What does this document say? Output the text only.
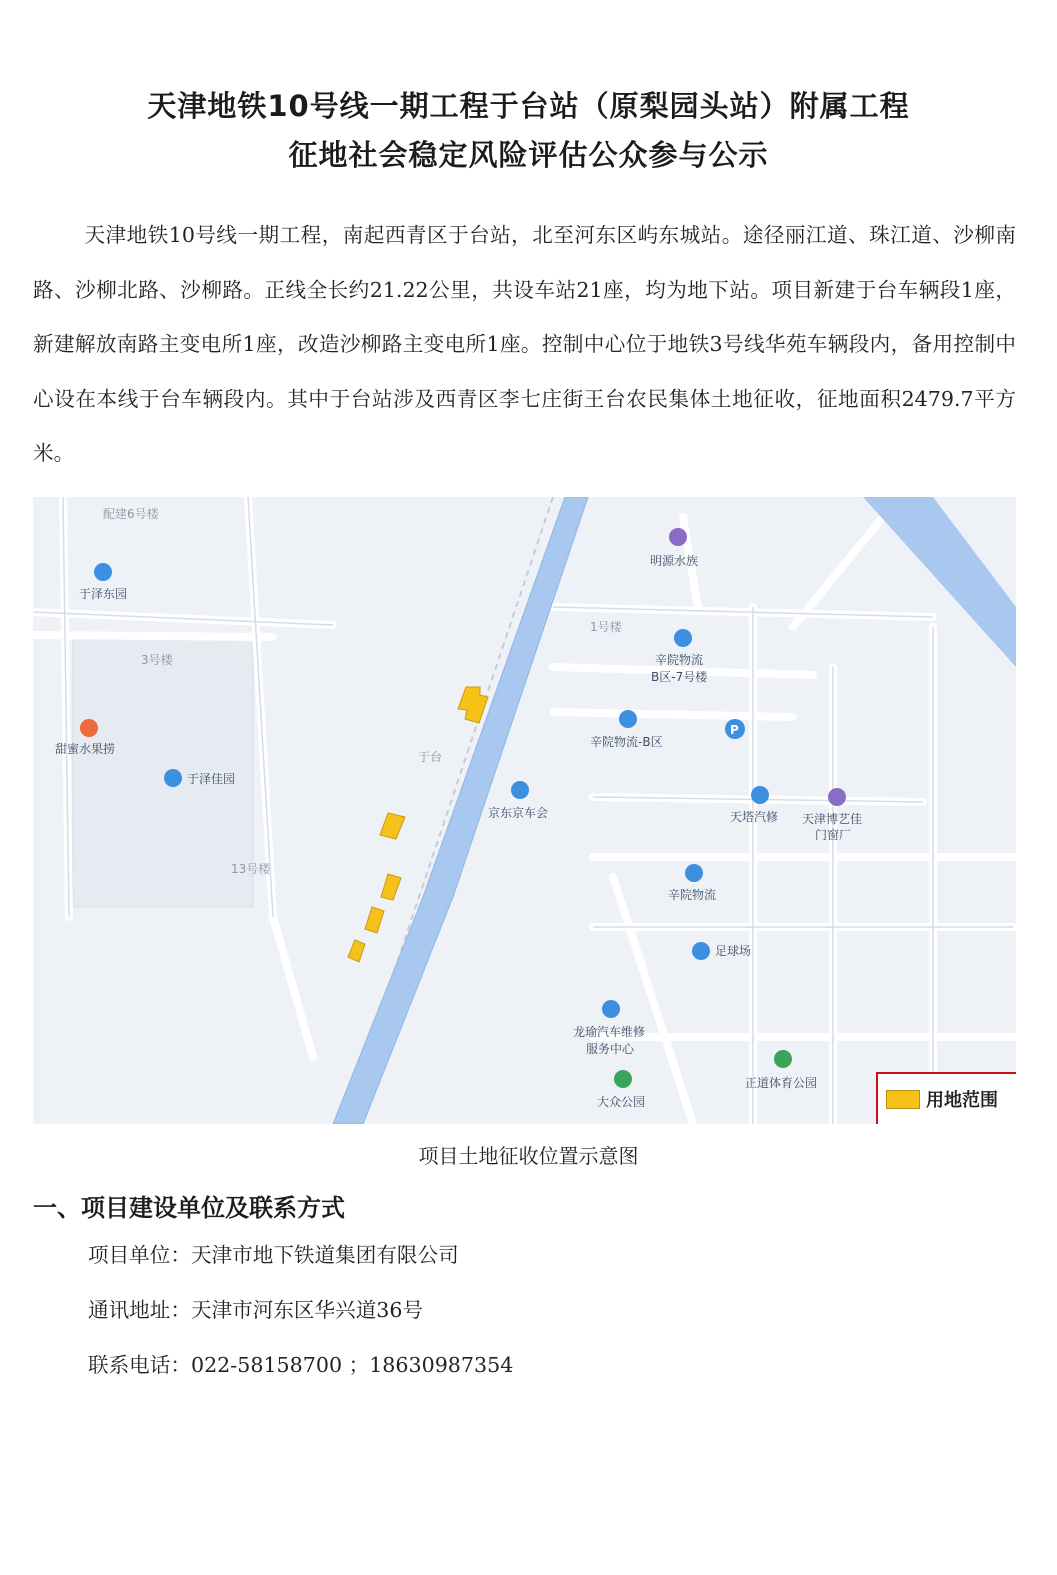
天津地铁10号线一期工程于台站（原梨园头站）附属工程
征地社会稳定风险评估公众参与公示

天津地铁10号线一期工程，南起西青区于台站，北至河东区屿东城站。途径丽江道、珠江道、沙柳南路、沙柳北路、沙柳路。正线全长约21.22公里，共设车站21座，均为地下站。项目新建于台车辆段1座，新建解放南路主变电所1座，改造沙柳路主变电所1座。控制中心位于地铁3号线华苑车辆段内，备用控制中心设在本线于台车辆段内。其中于台站涉及西青区李七庄街王台农民集体土地征收，征地面积2479.7平方米。

P
配建6号楼
于泽东园
3号楼
甜蜜水果捞
于泽佳园
13号楼
于台
明源水族
1号楼
辛院物流
B区-7号楼
辛院物流-B区
京东京车会	天塔汽修 天津博艺佳
门窗厂
辛院物流
足球场
龙瑜汽车维修
服务中心
正道体育公园
大众公园	用地范围

项目土地征收位置示意图

一、项目建设单位及联系方式

项目单位：天津市地下铁道集团有限公司

通讯地址：天津市河东区华兴道36号

联系电话：022-58158700 ；18630987354
